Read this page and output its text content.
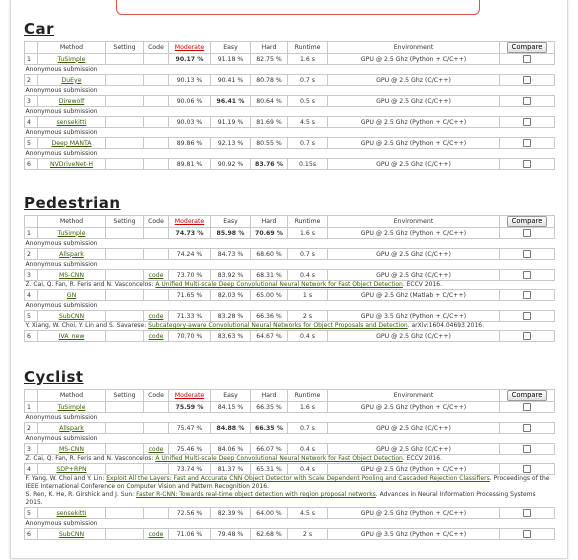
Car
	Method	Setting	Code	Moderate	Easy	Hard	Runtime	Environment	Compare
1	TuSimple			90.17 %	91.18 %	82.75 %	1.6 s	GPU @ 2.5 Ghz (Python + C/C++)	
Anonymous submission									
2	DuEye			90.13 %	90.41 %	80.78 %	0.7 s	GPU @ 2.5 Ghz (C/C++)	
Anonymous submission									
3	Direwolf			90.06 %	96.41 %	80.64 %	0.5 s	GPU @ 2.5 Ghz (C/C++)	
Anonymous submission									
4	sensekitti			90.03 %	91.19 %	81.69 %	4.5 s	GPU @ 2.5 Ghz (Python + C/C++)	
Anonymous submission									
5	Deep MANTA			89.86 %	92.13 %	80.55 %	0.7 s	GPU @ 2.5 Ghz (Python + C/C++)	
Anonymous submission									
6	NVDriveNet-H			89.81 %	90.92 %	83.76 %	0.15s	GPU @ 2.5 Ghz (C/C++)	
Pedestrian
	Method	Setting	Code	Moderate	Easy	Hard	Runtime	Environment	Compare
1	TuSimple			74.73 %	85.98 %	70.69 %	1.6 s	GPU @ 2.5 Ghz (Python + C/C++)	
Anonymous submission									
2	Allspark			74.24 %	84.73 %	68.60 %	0.7 s	GPU @ 2.5 Ghz (C/C++)	
Anonymous submission									
3	MS-CNN		code	73.70 %	83.92 %	68.31 %	0.4 s	GPU @ 2.5 Ghz (C/C++)	
Z. Cai, Q. Fan, R. Feris and N. Vasconcelos: A Unified Multi-scale Deep Convolutional Neural Network for Fast Object Detection. ECCV 2016.									
4	GN			71.65 %	82.03 %	65.00 %	1 s	GPU @ 2.5 Ghz (Matlab + C/C++)	
Anonymous submission									
5	SubCNN		code	71.33 %	83.28 %	66.36 %	2 s	GPU @ 3.5 Ghz (Python + C/C++)	
Y. Xiang, W. Choi, Y. Lin and S. Savarese: Subcategory-aware Convolutional Neural Networks for Object Proposals and Detection. arXiv:1604.04693 2016.									
6	IVA_new		code	70.70 %	83.63 %	64.67 %	0.4 s	GPU @ 2.5 Ghz (C/C++)	
Cyclist
	Method	Setting	Code	Moderate	Easy	Hard	Runtime	Environment	Compare
1	TuSimple			75.59 %	84.15 %	66.35 %	1.6 s	GPU @ 2.5 Ghz (Python + C/C++)	
Anonymous submission									
2	Allspark			75.47 %	84.88 %	66.35 %	0.7 s	GPU @ 2.5 Ghz (C/C++)	
Anonymous submission									
3	MS-CNN		code	75.46 %	84.06 %	66.07 %	0.4 s	GPU @ 2.5 Ghz (C/C++)	
Z. Cai, Q. Fan, R. Feris and N. Vasconcelos: A Unified Multi-scale Deep Convolutional Neural Network for Fast Object Detection. ECCV 2016.									
4	SDP+RPN			73.74 %	81.37 %	65.31 %	0.4 s	GPU @ 2.5 Ghz (Python + C/C++)	
F. Yang, W. Choi and Y. Lin: Exploit All the Layers: Fast and Accurate CNN Object Detector with Scale Dependent Pooling and Cascaded Rejection Classifiers. Proceedings of the IEEE International Conference on Computer Vision and Pattern Recognition 2016.									
S. Ren, K. He, R. Girshick and J. Sun: Faster R-CNN: Towards real-time object detection with region proposal networks. Advances in Neural Information Processing Systems 2015.									
5	sensekitti			72.56 %	82.39 %	64.00 %	4.5 s	GPU @ 2.5 Ghz (Python + C/C++)	
Anonymous submission									
6	SubCNN		code	71.06 %	79.48 %	62.68 %	2 s	GPU @ 3.5 Ghz (Python + C/C++)	
